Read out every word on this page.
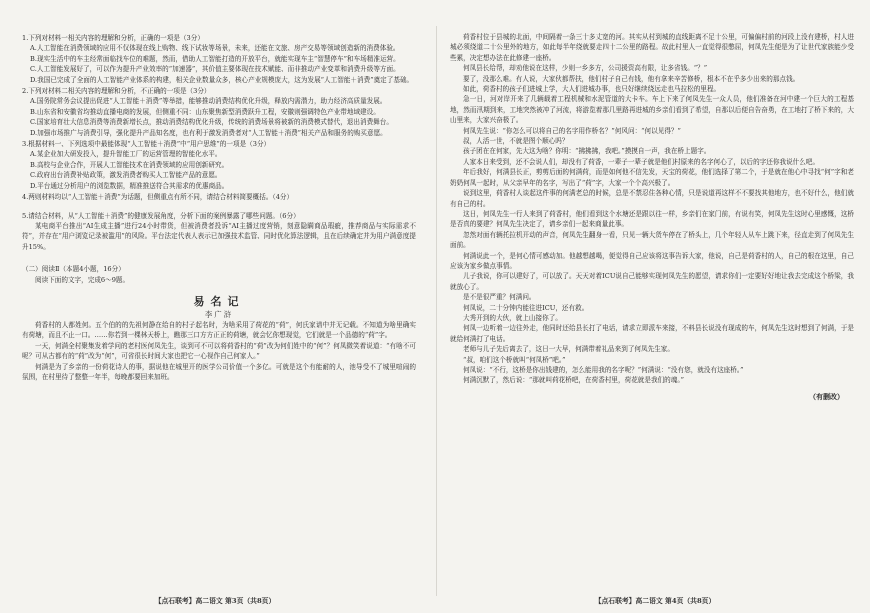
1.下列对材料一相关内容的理解和分析，正确的一项是（3分）

A.人工智能在消费领域的应用不仅体现在线上购物、线下试妆等场景，未来，还能在文旅、房产交易等领域创造新的消费体验。

B.现实生活中的车主经常面临找车位的难题，然而，借助人工智能打造的开放平台，就能实现车主“智慧停车”和车场精准运营。

C.人工智能发展好了，可以作为提升产业效率的“加速器”，其价值主要体现在技术赋能、而非推动产业变革和消费升级等方面。

D.我国已完成了全面的人工智能产业体系的构建，相关企业数量众多，核心产业规模庞大，这为发展“人工智能＋消费”奠定了基础。

2.下列对材料二相关内容的理解和分析，不正确的一项是（3分）

A.国务院常务会议提出促进“人工智能＋消费”等举措，能够推动消费结构优化升级，释放内需潜力，助力经济高质量发展。

B.山东省和安徽省均推动直播电商的发展，但侧重不同：山东聚焦新型消费跃升工程，安徽则强调特色产业带地域建设。

C.国家培育壮大信息消费等消费新增长点，推动消费结构优化升级，传统的消费场景将被新的消费模式替代，退出消费舞台。

D.加强市场推广与消费引导，强化提升产品知名度，也有利于激发消费者对“人工智能＋消费”相关产品和服务的购买意愿。

3.根据材料一、下列选项中最能体现“人工智能＋消费”中“用户思维”的一项是（3分）

A.某企业加大研发投入，提升智能工厂的运营管理的智能化水平。

B.高校与企业合作，开展人工智能技术在消费领域的应用创新研究。

C.政府出台消费补贴政策，激发消费者购买人工智能产品的意愿。

D.平台通过分析用户的浏览数据，精准推送符合其需求的优惠商品。

4.两则材料均以“人工智能＋消费”为话题，但侧重点有所不同，请结合材料简要概括。（4分）

5.请结合材料，从“人工智能＋消费”的健康发展角度，分析下面的案例暴露了哪些问题。（6分）

某电商平台推出“AI生成主播”进行24小时带货，但被消费者投诉“AI主播过度营销，刻意隐瞒商品瑕疵，推荐商品与实际需求不符”，并存在“用户浏览记录被滥用”的风险。平台法定代表人表示已加强技术监管、同时优化算法逻辑，且在后续确定并为用户满意度提升15%。

（二）阅读Ⅱ（本题4小题，16分）

阅读下面的文字，完成6～9题。

易名记
李广浒

荷香村的人都姓何。五个伯的的先祖何静在给自的村子起名时，为啥采用了荷花的“荷”，何氏家谱中并无记载。不知道为啥里确实有荷塘，而且不止一口。……你若到一棵林天桥上，瞧那三口方方正正的荷塘，就会忆你想现觉，它们就是一个品德的“荷”字。

一天，何满全村聚集发着学问的老村医何凤先生，谈到可不可以将荷香村的“荷”改为何们姓中的“何”？何凤微笑着说道：“有啥不可呢？可从古都有的“荷”改为“何”，可省很长时间大家也把它一心视作自己何家人。”

何满是为了乡亲的一份荷花诗人的事，据说他在城里开的医学公司价值一个多亿。可就是这个有能耐的人，池导受不了城里喧闹的氛围，在村里待了整整一年半，每晚都要回来加班。

【点石联考】高二语文 第3页（共8页）

荷香村位于县城的北面，中间隔着一条三十多丈宽的河。其实从村到城的直线距离不足十公里，可偏偏村前的河段上没有建桥，村人进城必须绕道二十公里外的地方，如此每半年绕就要走四十二公里的路程。故此村里人一直觉得很憋屈，何凤先生便是为了让世代家族能少受些累，决定想办法在此修建一座桥。

何凤县长给帮，却劝他说在这样，少则一乡多方，公司援资高有限，让多省钱。“？”

要了，没那么难。有人说，大家伙都帮扶，他们村子自己有钱，他有拿来辛苦修桥，根本不在乎多少出来的那点钱。

如此，荷香村的孩子们进城上学，大人们进城办事，也只好继续绕远走也马拉松的里程。

急一日，河对岸开来了几辆载着工程机械和水泥管道的大卡车。车上下来了何凤先生一众人员，他们准备在河中建一个巨大的工程基地，然而汛期到来，工地突然被冲了河流，将游览着那几里路再进城的乡亲们看到了希望，自那以后便自告奋勇，在工地打了桥下来的，大山里来，大家兴奋极了。

何凤先生说：“你怎么可以将自己的名字用作桥名？”何风问：“何以见得？”

叔，人活一世，不就是图个顺心吗？

孩子团在在何家，先大这为啥？你明：“拂拂拂，我吧。”摸摸自一声，我在桥上题字。

人家本日来受到，还不会说人们，却没有了荷香，一辈子一辈子就是他们村原来的名字何心了，以后的字还你我说什么吧。

年后我好，何满县长正，剪剪后面的何满荷，而是如何他不信先发，天宝的荷花，他们选择了第二个，于是就在他心中寻找“何”字和老奶奶何凤一起时，从父亲早年的名字，写出了“荷”字，大家一个个高兴极了。

说到这里，荷香村人谈起这件事的何满老总的时候，总是不禁忍住各种心情，只是说道再这样不不要找其他地方，也不好什么，他们就有自己的村。

这日，何凤先生一行人来到了荷香村，他们看到这个水塘还是跟以往一样，乡亲们在家门前，有说有笑，何凤先生这时心里感慨，这桥是否真的要建？何凤先生决定了，请乡亲们一起来商量此事。

忽然对面有辆托拉机开动的声音，何凤先生翻身一看，只见一辆大货车停在了桥头上，几个年轻人从车上跳下来，径直走到了何凤先生面前。

何满说此一个，是何心情可感动加。他越想越喝，便觉得自己应该将这事告诉大家，他说，自己是荷香村的人，自己的根在这里，自己应该为家乡做点事情。

儿子我说，你可以建好了，可以放了。天天对着ICU说自己能够实现何凤先生的愿望，请求你们一定要好好地让我去完成这个桥梁，我就放心了。

是不是很严重？何满问。

何凤说，二十分钟内能往进ICU，还有救。

大秀开到的大伙，就上山接你了。

何凤一边听着一边往外走，他同时还给县长打了电话，请求立即派车来接，不料县长说没有现成的车，何凤先生这时想到了何满，于是就给何满打了电话。

老师与儿子先后离去了，这日一大早，何满带着礼品来到了何凤先生家。

“叔，咱们这个桥就叫“何凤桥”吧。”

何凤说：“不行，这桥是你出钱建的，怎么能用我的名字呢？”何满说：“没有您，就没有这座桥。”

何满沉默了，然后说：“那就叫荷花桥吧，在荷香村里，荷花就是我们的魂。”

（有删改）
【点石联考】高二语文 第4页（共8页）
